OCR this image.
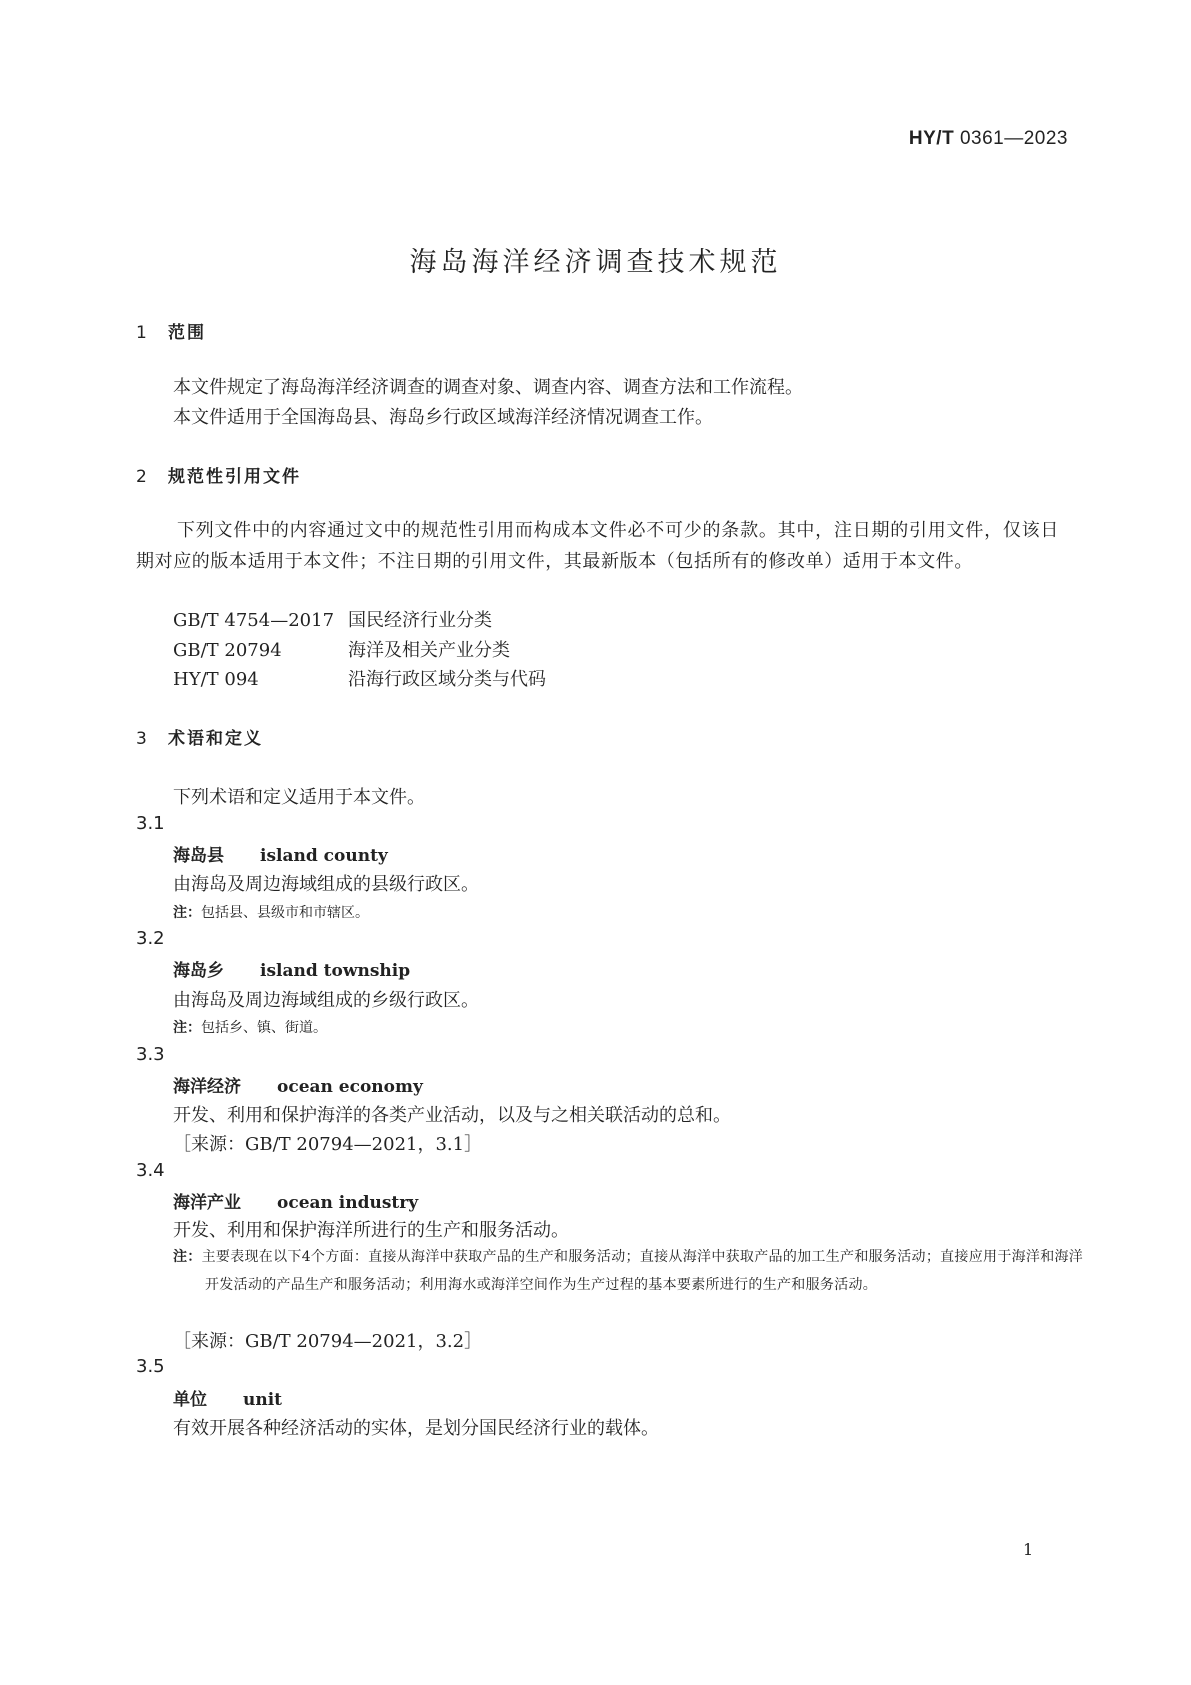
HY/T 0361—2023
海岛海洋经济调查技术规范
1 范围
本文件规定了海岛海洋经济调查的调查对象、调查内容、调查方法和工作流程。
本文件适用于全国海岛县、海岛乡行政区域海洋经济情况调查工作。
2 规范性引用文件
下列文件中的内容通过文中的规范性引用而构成本文件必不可少的条款。其中，注日期的引用文件，仅该日期对应的版本适用于本文件；不注日期的引用文件，其最新版本（包括所有的修改单）适用于本文件。
GB/T 4754—2017 国民经济行业分类
GB/T 20794	海洋及相关产业分类
HY/T 094	沿海行政区域分类与代码
3 术语和定义
下列术语和定义适用于本文件。
3.1
海岛县 island county
由海岛及周边海域组成的县级行政区。
注：包括县、县级市和市辖区。
3.2
海岛乡 island township
由海岛及周边海域组成的乡级行政区。
注：包括乡、镇、街道。
3.3
海洋经济 ocean economy
开发、利用和保护海洋的各类产业活动，以及与之相关联活动的总和。
［来源：GB/T 20794—2021，3.1］
3.4
海洋产业 ocean industry
开发、利用和保护海洋所进行的生产和服务活动。
注：主要表现在以下4个方面：直接从海洋中获取产品的生产和服务活动；直接从海洋中获取产品的加工生产和服务活动；直接应用于海洋和海洋开发活动的产品生产和服务活动；利用海水或海洋空间作为生产过程的基本要素所进行的生产和服务活动。
［来源：GB/T 20794—2021，3.2］
3.5
单位 unit
有效开展各种经济活动的实体，是划分国民经济行业的载体。
1
